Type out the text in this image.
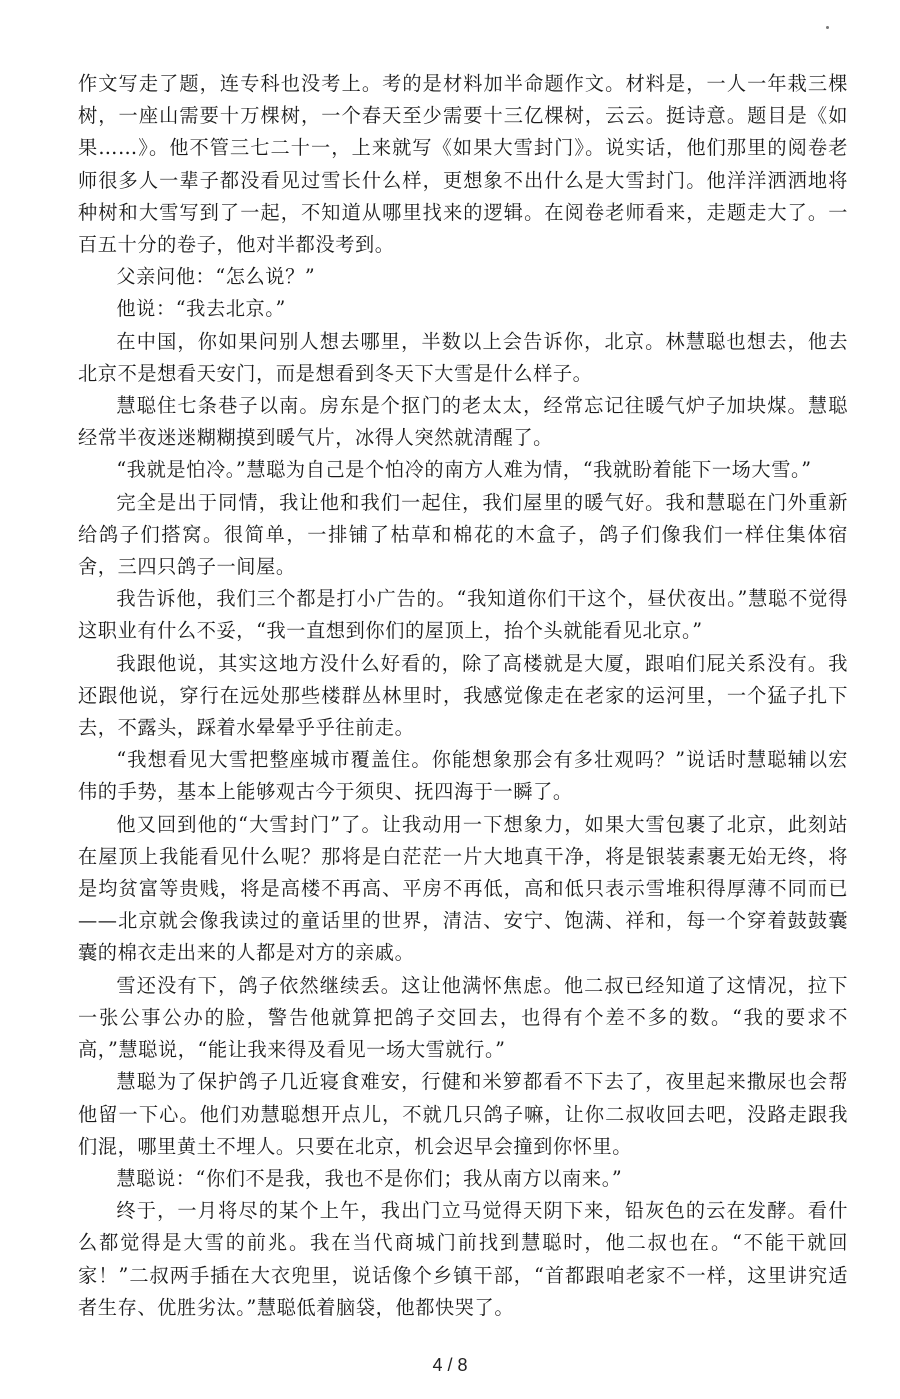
作文写走了题，连专科也没考上。考的是材料加半命题作文。材料是，一人一年栽三棵树，一座山需要十万棵树，一个春天至少需要十三亿棵树，云云。挺诗意。题目是《如果……》。他不管三七二十一，上来就写《如果大雪封门》。说实话，他们那里的阅卷老师很多人一辈子都没看见过雪长什么样，更想象不出什么是大雪封门。他洋洋洒洒地将种树和大雪写到了一起，不知道从哪里找来的逻辑。在阅卷老师看来，走题走大了。一百五十分的卷子，他对半都没考到。

父亲问他：“怎么说？”

他说：“我去北京。”

在中国，你如果问别人想去哪里，半数以上会告诉你，北京。林慧聪也想去，他去北京不是想看天安门，而是想看到冬天下大雪是什么样子。

慧聪住七条巷子以南。房东是个抠门的老太太，经常忘记往暖气炉子加块煤。慧聪经常半夜迷迷糊糊摸到暖气片，冰得人突然就清醒了。

“我就是怕冷。”慧聪为自己是个怕冷的南方人难为情，“我就盼着能下一场大雪。”

完全是出于同情，我让他和我们一起住，我们屋里的暖气好。我和慧聪在门外重新给鸽子们搭窝。很简单，一排铺了枯草和棉花的木盒子，鸽子们像我们一样住集体宿舍，三四只鸽子一间屋。

我告诉他，我们三个都是打小广告的。“我知道你们干这个，昼伏夜出。”慧聪不觉得这职业有什么不妥，“我一直想到你们的屋顶上，抬个头就能看见北京。”

我跟他说，其实这地方没什么好看的，除了高楼就是大厦，跟咱们屁关系没有。我还跟他说，穿行在远处那些楼群丛林里时，我感觉像走在老家的运河里，一个猛子扎下去，不露头，踩着水晕晕乎乎往前走。

“我想看见大雪把整座城市覆盖住。你能想象那会有多壮观吗？”说话时慧聪辅以宏伟的手势，基本上能够观古今于须臾、抚四海于一瞬了。

他又回到他的“大雪封门”了。让我动用一下想象力，如果大雪包裹了北京，此刻站在屋顶上我能看见什么呢？那将是白茫茫一片大地真干净，将是银装素裹无始无终，将是均贫富等贵贱，将是高楼不再高、平房不再低，高和低只表示雪堆积得厚薄不同而已——北京就会像我读过的童话里的世界，清洁、安宁、饱满、祥和，每一个穿着鼓鼓囊囊的棉衣走出来的人都是对方的亲戚。

雪还没有下，鸽子依然继续丢。这让他满怀焦虑。他二叔已经知道了这情况，拉下一张公事公办的脸，警告他就算把鸽子交回去，也得有个差不多的数。“我的要求不高，”慧聪说，“能让我来得及看见一场大雪就行。”

慧聪为了保护鸽子几近寝食难安，行健和米箩都看不下去了，夜里起来撒尿也会帮他留一下心。他们劝慧聪想开点儿，不就几只鸽子嘛，让你二叔收回去吧，没路走跟我们混，哪里黄土不埋人。只要在北京，机会迟早会撞到你怀里。

慧聪说：“你们不是我，我也不是你们；我从南方以南来。”

终于，一月将尽的某个上午，我出门立马觉得天阴下来，铅灰色的云在发酵。看什么都觉得是大雪的前兆。我在当代商城门前找到慧聪时，他二叔也在。“不能干就回家！”二叔两手插在大衣兜里，说话像个乡镇干部，“首都跟咱老家不一样，这里讲究适者生存、优胜劣汰。”慧聪低着脑袋，他都快哭了。

4 / 8
